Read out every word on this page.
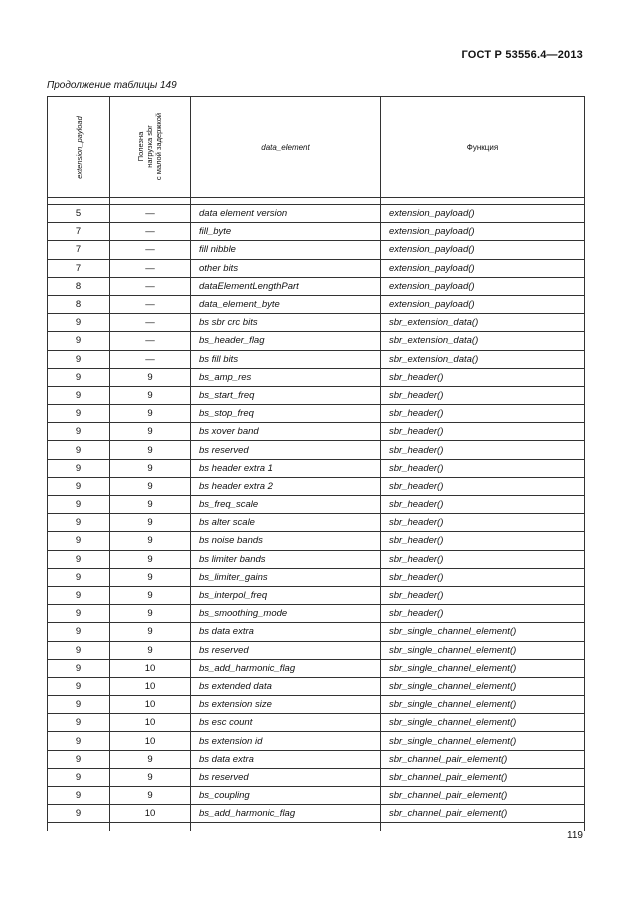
ГОСТ Р 53556.4—2013
Продолжение таблицы 149
extension_payload	Полезна
нагрузка sbr
с малой задержкой	data_element	Функция

5	—	data element version	extension_payload()
7	—	fill_byte	extension_payload()
7	—	fill nibble	extension_payload()
7	—	other bits	extension_payload()
8	—	dataElementLengthPart	extension_payload()
8	—	data_element_byte	extension_payload()
9	—	bs sbr crc bits	sbr_extension_data()
9	—	bs_header_flag	sbr_extension_data()
9	—	bs fill bits	sbr_extension_data()
9	9	bs_amp_res	sbr_header()
9	9	bs_start_freq	sbr_header()
9	9	bs_stop_freq	sbr_header()
9	9	bs xover band	sbr_header()
9	9	bs reserved	sbr_header()
9	9	bs header extra 1	sbr_header()
9	9	bs header extra 2	sbr_header()
9	9	bs_freq_scale	sbr_header()
9	9	bs alter scale	sbr_header()
9	9	bs noise bands	sbr_header()
9	9	bs limiter bands	sbr_header()
9	9	bs_limiter_gains	sbr_header()
9	9	bs_interpol_freq	sbr_header()
9	9	bs_smoothing_mode	sbr_header()
9	9	bs data extra	sbr_single_channel_element()
9	9	bs reserved	sbr_single_channel_element()
9	10	bs_add_harmonic_flag	sbr_single_channel_element()
9	10	bs extended data	sbr_single_channel_element()
9	10	bs extension size	sbr_single_channel_element()
9	10	bs esc count	sbr_single_channel_element()
9	10	bs extension id	sbr_single_channel_element()
9	9	bs data extra	sbr_channel_pair_element()
9	9	bs reserved	sbr_channel_pair_element()
9	9	bs_coupling	sbr_channel_pair_element()
9	10	bs_add_harmonic_flag	sbr_channel_pair_element()

119
